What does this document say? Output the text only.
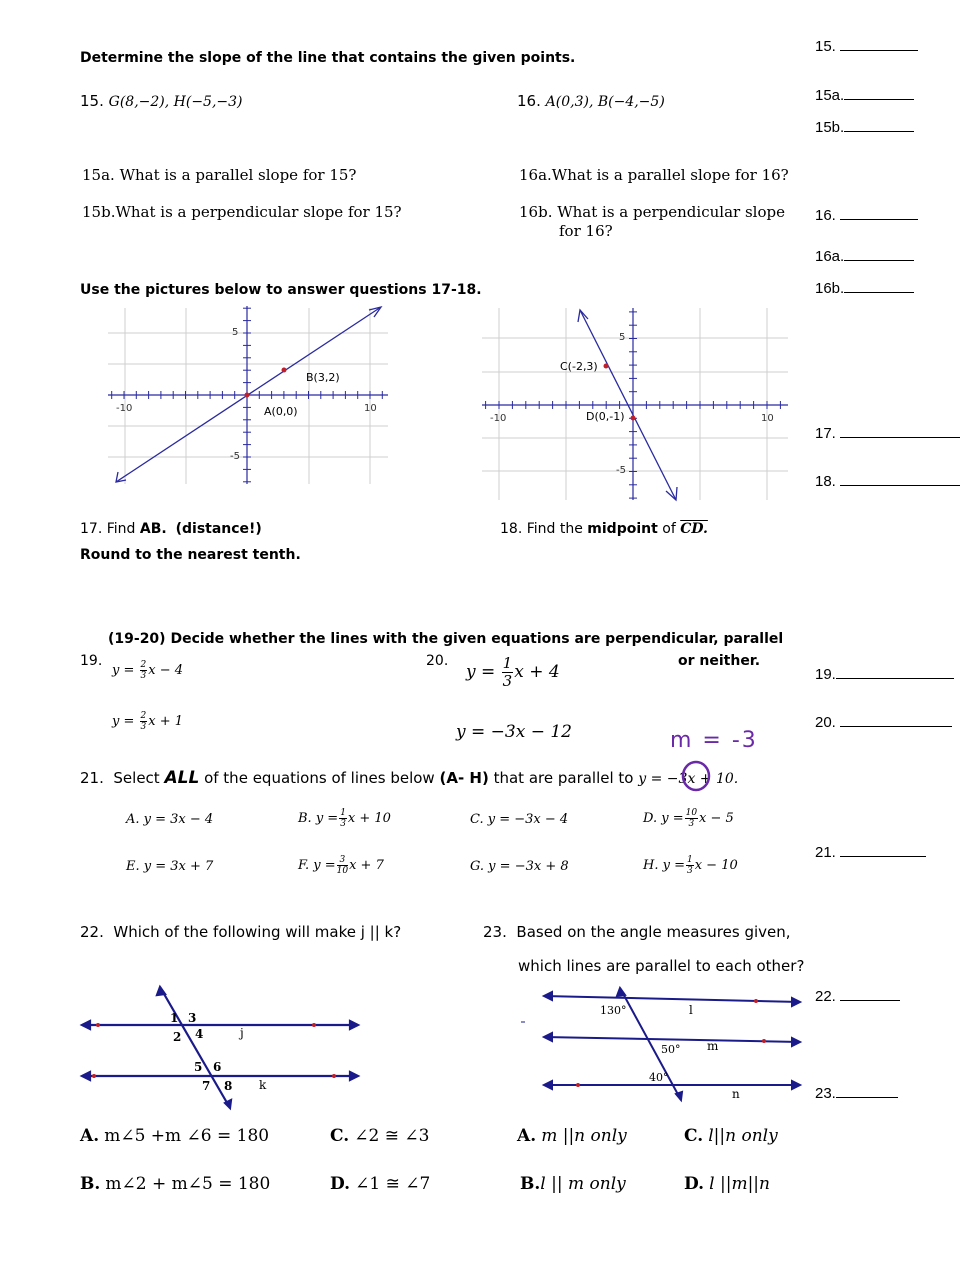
15.
15a.
15b.
16.
16a.
16b.
17.
18.
19.
20.
21.
22.
23.
Determine the slope of the line that contains the given points.
15. G(8,−2), H(−5,−3)	16. A(0,3), B(−4,−5)
15a. What is a parallel slope for 15?
15b.What is a perpendicular slope for 15?
16a.What is a parallel slope for 16?
16b. What is a perpendicular slope
for 16?
Use the pictures below to answer questions 17-18.
5
-5
-10	10
B(3,2)
A(0,0)
5
-5
-10	10
C(-2,3)
D(0,-1)
17. Find AB. (distance!)
Round to the nearest tenth.
18. Find the midpoint of CD.
(19-20) Decide whether the lines with the given equations are perpendicular, parallel
or neither.
19.	20.
$y = \frac{2}{3}$ x − 4
$y = \frac{2}{3}$ x + 1
$y = \frac{1}{3}$ x + 4
y = −3x − 12	m = -3
21. Select ALL of the equations of lines below (A- H) that are parallel to y = −3x + 10.
A. y = 3x − 4	B. $y = \frac{1}{3}$ x + 10	C. y = −3x − 4	D. $y = \frac{10}{3}$ x − 5
E. y = 3x + 7	F. $y = \frac{3}{10}$ x + 7	G. y = −3x + 8	H. $y = \frac{1}{3}$ x − 10
22. Which of the following will make j || k?
1 3
2 4
5 6
7 8
j
k
A. m∠5 +m ∠6 = 180
B. m∠2 + m∠5 = 180
C. ∠2 ≅ ∠3
D. ∠1 ≅ ∠7
23. Based on the angle measures given,
which lines are parallel to each other?
130°
50°
40°
l
m
n
A. m ||n only
B.l || m only
C. l||n only
D. l ||m||n
